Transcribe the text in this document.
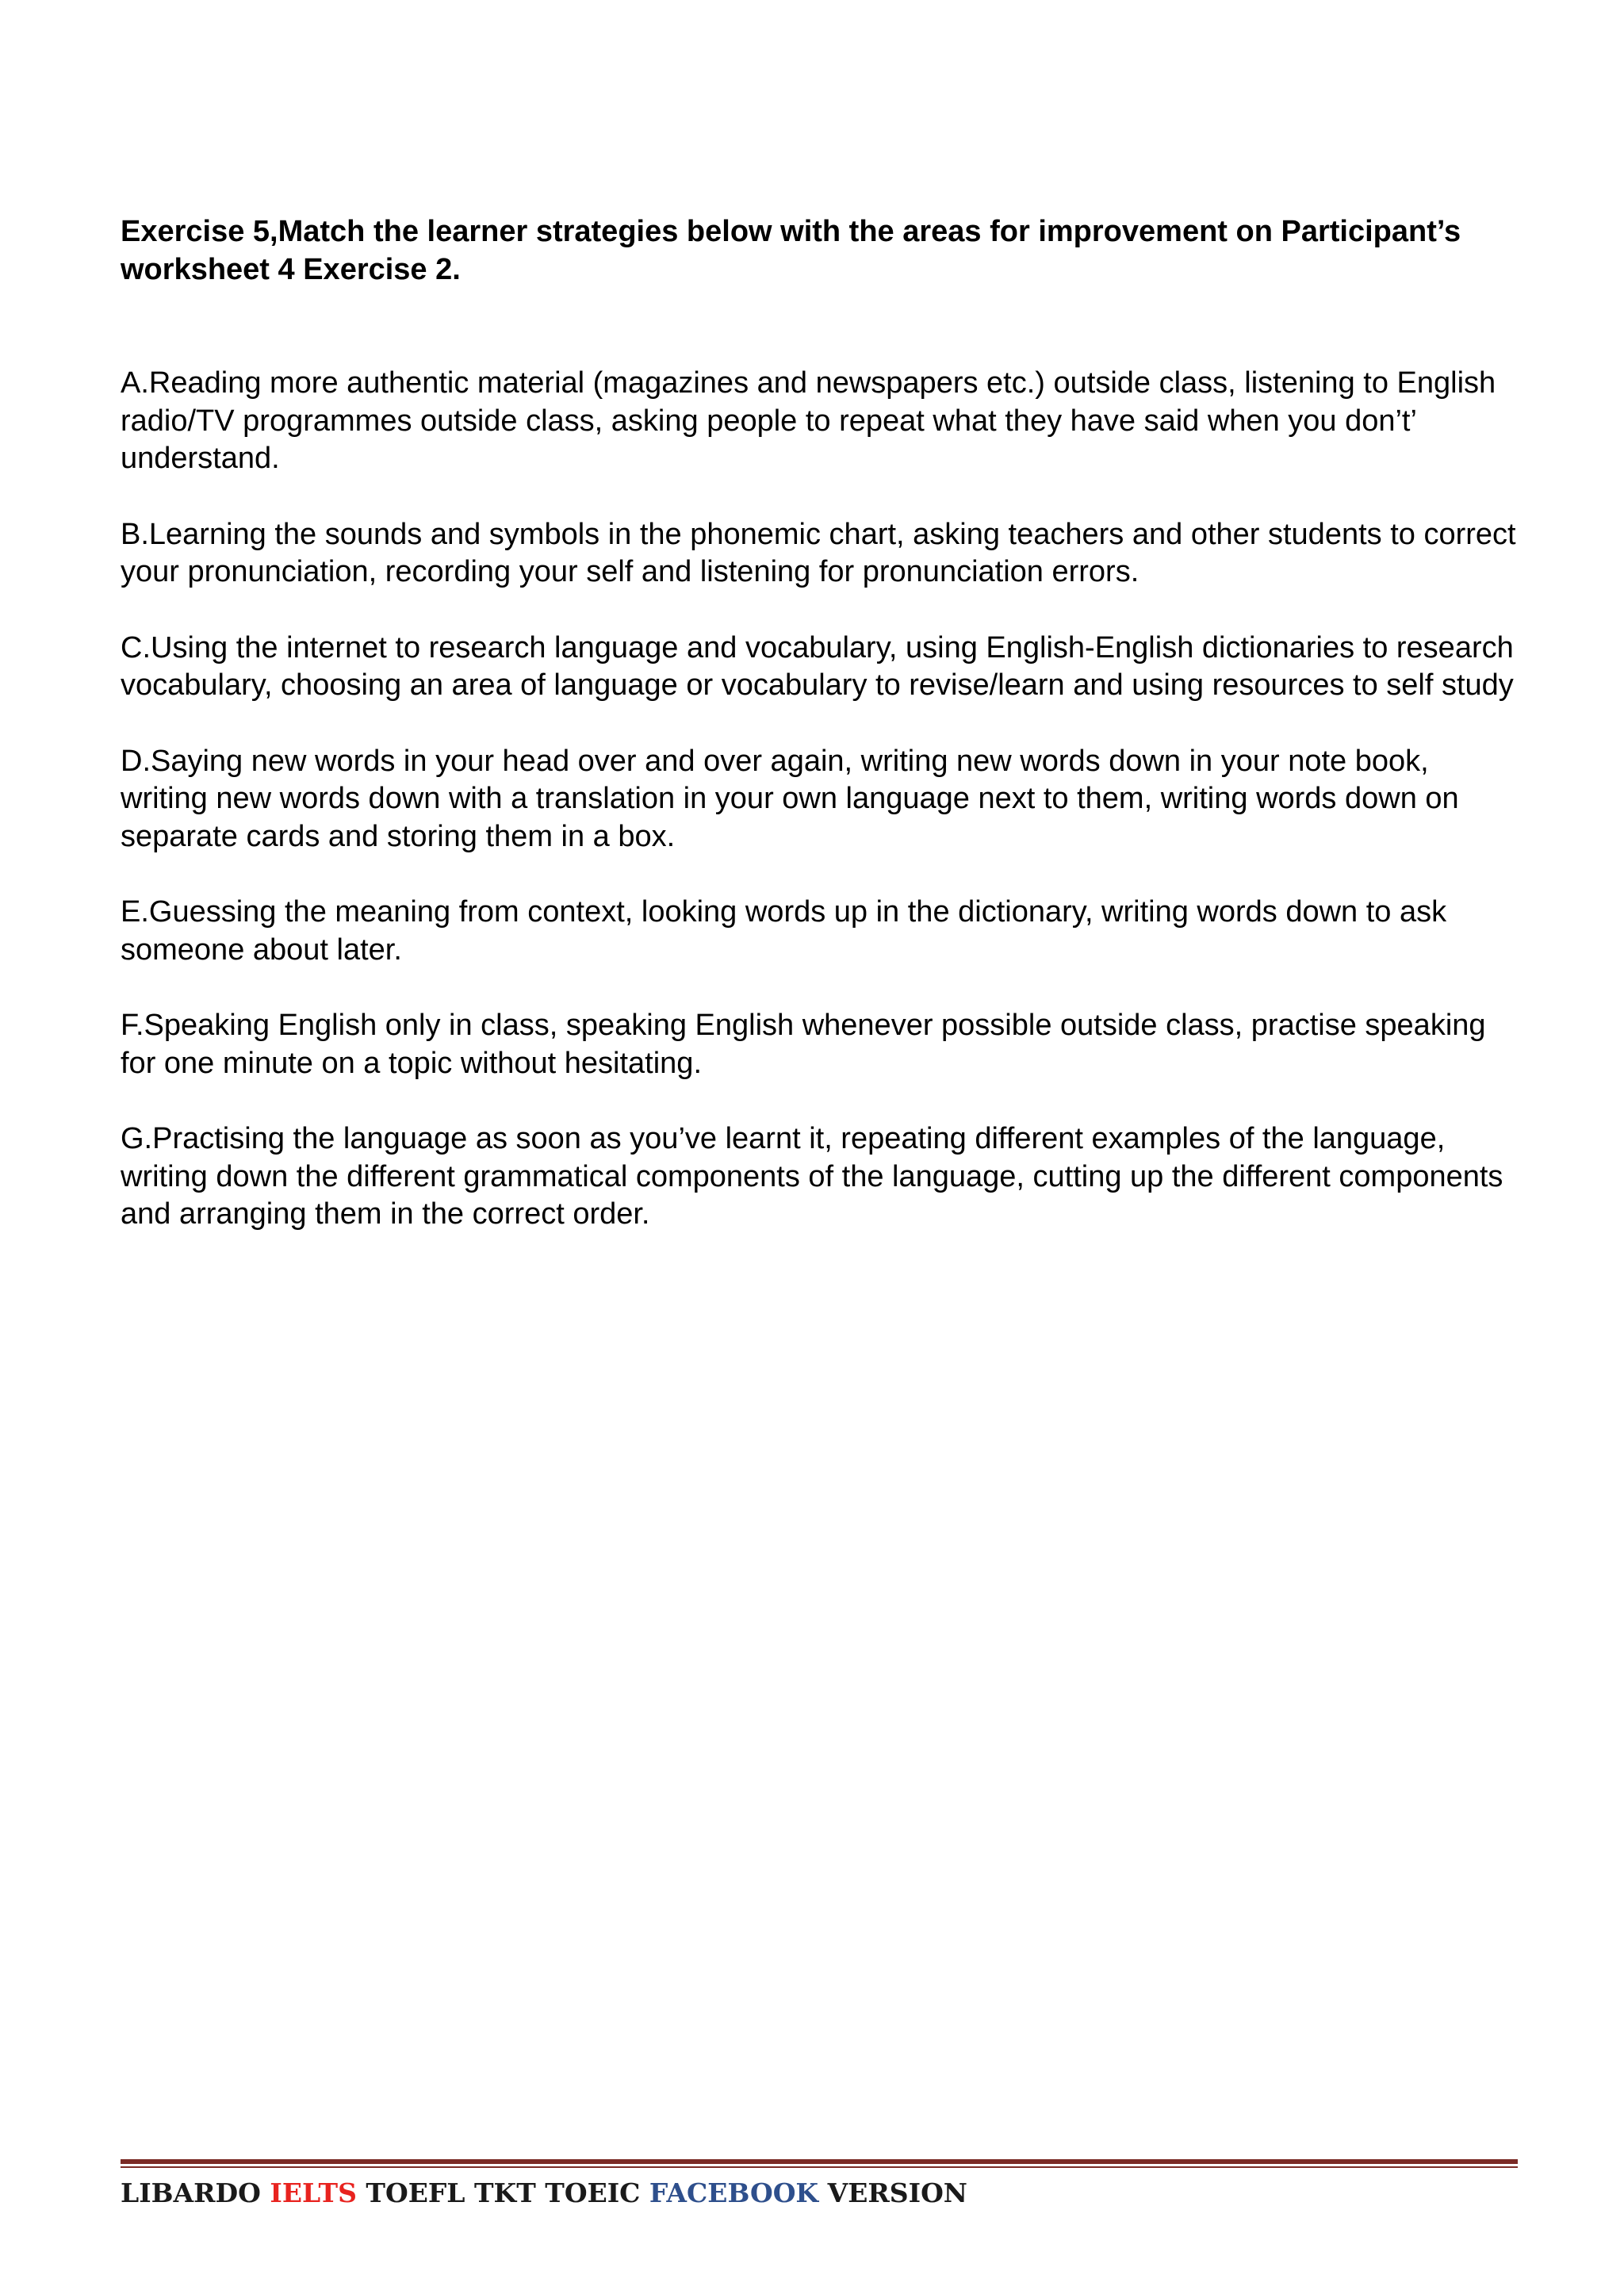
Exercise 5,Match the learner strategies below with the areas for improvement on Participant’s worksheet 4 Exercise 2.

A.Reading more authentic material (magazines and newspapers etc.) outside class, listening to English radio/TV programmes outside class, asking people to repeat what they have said when you don’t’ understand.

B.Learning the sounds and symbols in the phonemic chart, asking teachers and other students to correct your pronunciation, recording your self and listening for pronunciation errors.

C.Using the internet to research language and vocabulary, using English-English dictionaries to research vocabulary, choosing an area of language or vocabulary to revise/learn and using resources to self study

D.Saying new words in your head over and over again, writing new words down in your note book, writing new words down with a translation in your own language next to them, writing words down on separate cards and storing them in a box.

E.Guessing the meaning from context, looking words up in the dictionary, writing words down to ask someone about later.

F.Speaking English only in class, speaking English whenever possible outside class, practise speaking for one minute on a topic without hesitating.

G.Practising the language as soon as you’ve learnt it, repeating different examples of the language, writing down the different grammatical components of the language, cutting up the different components and arranging them in the correct order.

LIBARDO IELTS TOEFL TKT TOEIC FACEBOOK VERSION
